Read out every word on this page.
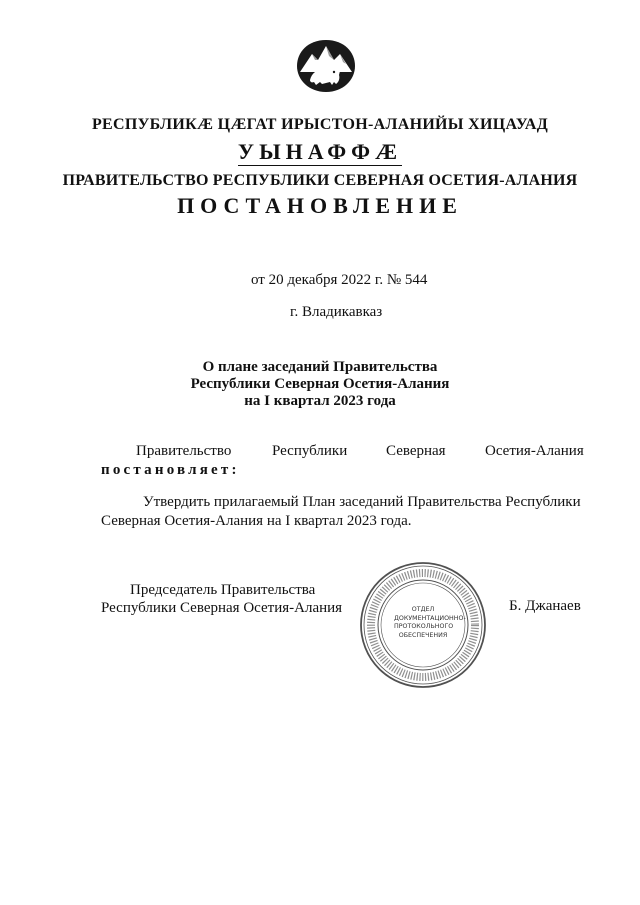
РЕСПУБЛИКӔ ЦӔГАТ ИРЫСТОН-АЛАНИЙЫ ХИЦАУАД
УЫНАФФӔ
ПРАВИТЕЛЬСТВО РЕСПУБЛИКИ СЕВЕРНАЯ ОСЕТИЯ-АЛАНИЯ
ПОСТАНОВЛЕНИЕ
от 20 декабря 2022 г. № 544
г. Владикавказ
О плане заседаний Правительства
Республики Северная Осетия-Алания
на I квартал 2023 года
Правительство	Республики	Северная	Осетия-Алания
постановляет:
Утвердить прилагаемый План заседаний Правительства Республики
Северная Осетия-Алания на I квартал 2023 года.
Председатель Правительства
Республики Северная Осетия-Алания	Б. Джанаев
ОТДЕЛ
ДОКУМЕНТАЦИОННО-
ПРОТОКОЛЬНОГО
ОБЕСПЕЧЕНИЯ
